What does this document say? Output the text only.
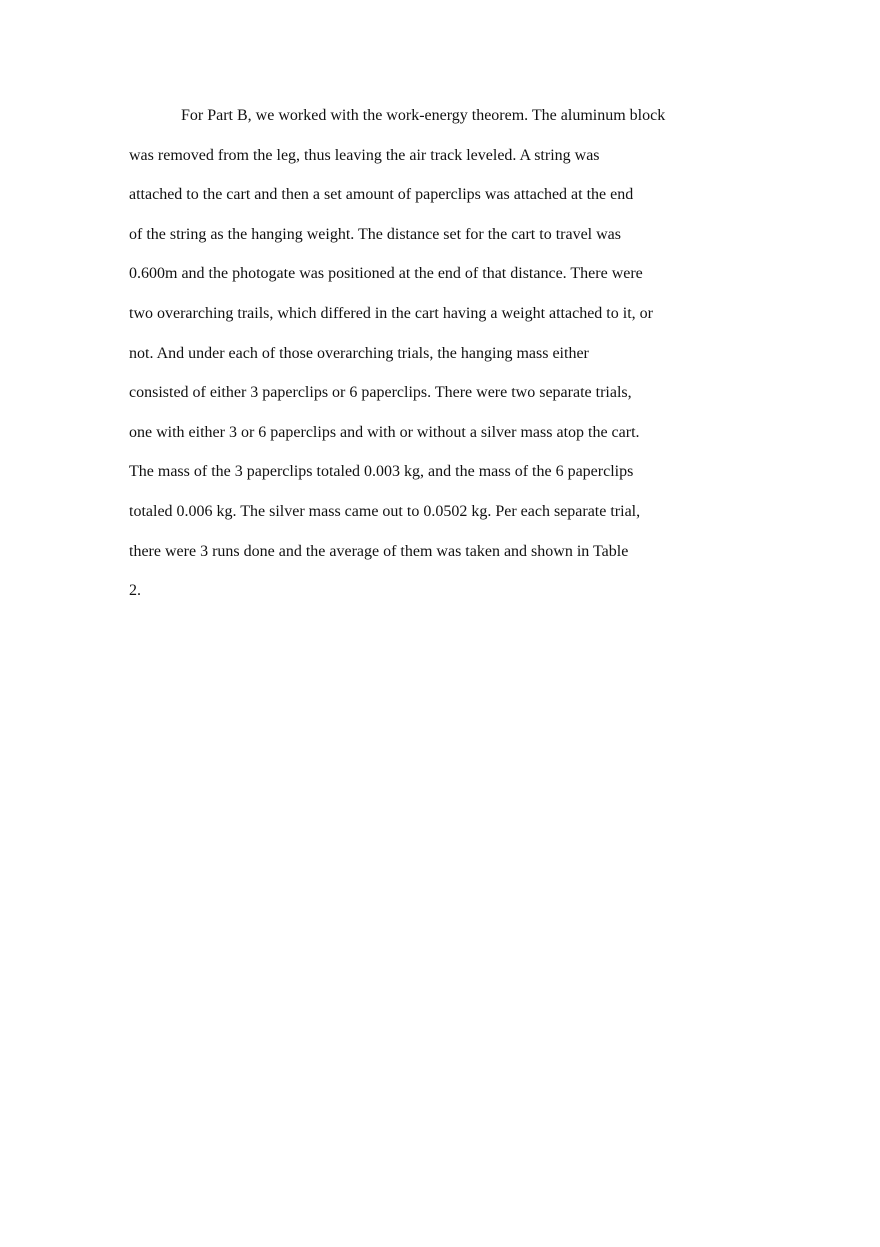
For Part B, we worked with the work-energy theorem. The aluminum block
was removed from the leg, thus leaving the air track leveled. A string was
attached to the cart and then a set amount of paperclips was attached at the end
of the string as the hanging weight. The distance set for the cart to travel was
0.600m and the photogate was positioned at the end of that distance. There were
two overarching trails, which differed in the cart having a weight attached to it, or
not. And under each of those overarching trials, the hanging mass either
consisted of either 3 paperclips or 6 paperclips. There were two separate trials,
one with either 3 or 6 paperclips and with or without a silver mass atop the cart.
The mass of the 3 paperclips totaled 0.003 kg, and the mass of the 6 paperclips
totaled 0.006 kg. The silver mass came out to 0.0502 kg. Per each separate trial,
there were 3 runs done and the average of them was taken and shown in Table
2.
